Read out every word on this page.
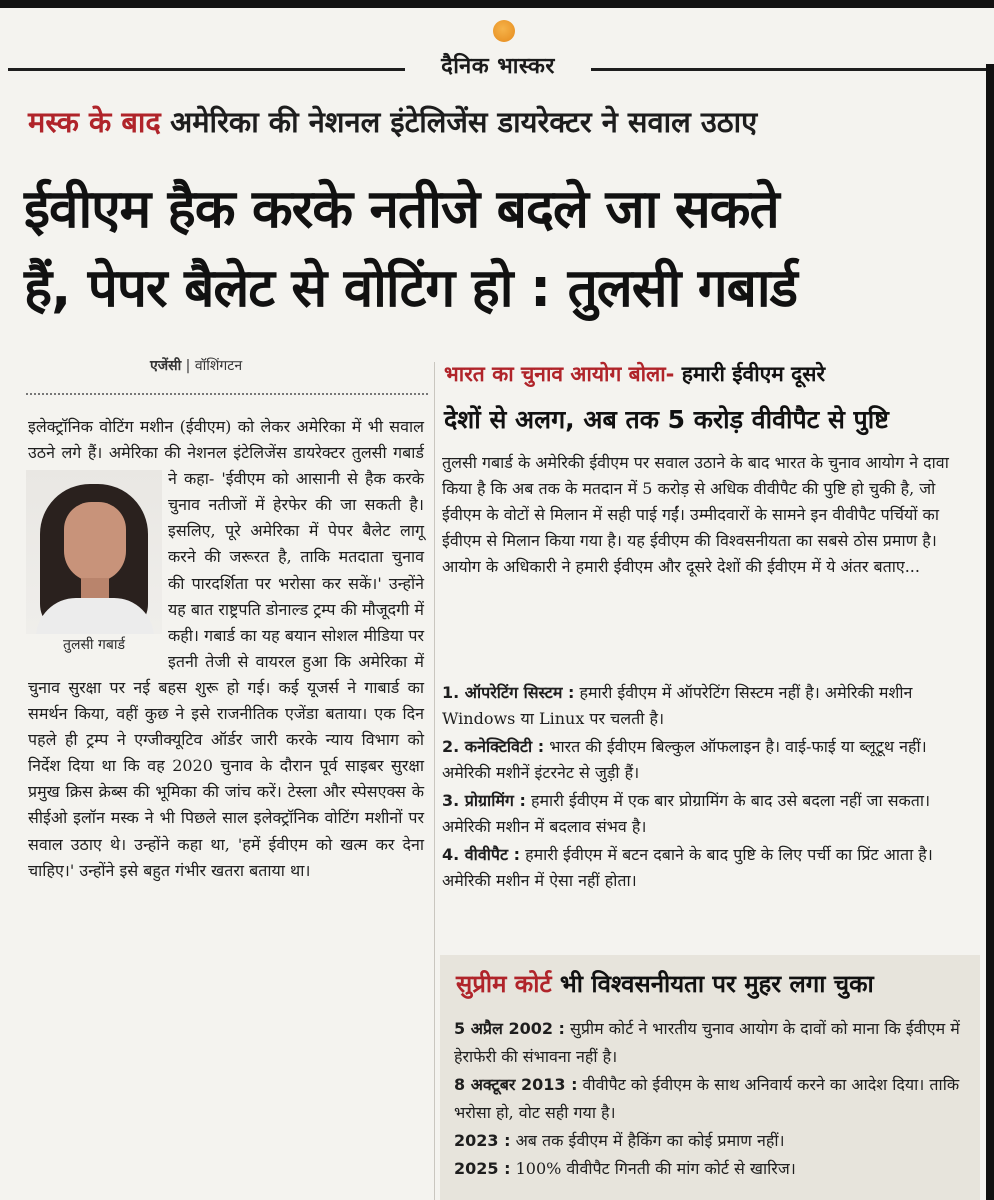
दैनिक भास्कर
मस्क के बाद अमेरिका की नेशनल इंटेलिजेंस डायरेक्टर ने सवाल उठाए
ईवीएम हैक करके नतीजे बदले जा सकते
हैं, पेपर बैलेट से वोटिंग हो : तुलसी गबार्ड
एजेंसी | वॉशिंगटन
इलेक्ट्रॉनिक वोटिंग मशीन (ईवीएम) को लेकर अमेरिका में भी सवाल उठने लगे हैं। अमेरिका की नेशनल इंटेलिजेंस डायरेक्टर तुलसी गबार्ड
तुलसी गबार्ड
ने कहा- 'ईवीएम को आसानी से हैक करके चुनाव नतीजों में हेरफेर की जा सकती है। इसलिए, पूरे अमेरिका में पेपर बैलेट लागू करने की जरूरत है, ताकि मतदाता चुनाव की पारदर्शिता पर भरोसा कर सकें।' उन्होंने यह बात राष्ट्रपति डोनाल्ड ट्रम्प की मौजूदगी में कही। गबार्ड का यह बयान सोशल मीडिया पर इतनी तेजी से वायरल हुआ कि अमेरिका में चुनाव सुरक्षा पर नई बहस शुरू हो गई। कई यूजर्स ने गाबार्ड का समर्थन किया, वहीं कुछ ने इसे राजनीतिक एजेंडा बताया। एक दिन पहले ही ट्रम्प ने एग्जीक्यूटिव ऑर्डर जारी करके न्याय विभाग को निर्देश दिया था कि वह 2020 चुनाव के दौरान पूर्व साइबर सुरक्षा प्रमुख क्रिस क्रेब्स की भूमिका की जांच करें। टेस्ला और स्पेसएक्स के सीईओ इलॉन मस्क ने भी पिछले साल इलेक्ट्रॉनिक वोटिंग मशीनों पर सवाल उठाए थे। उन्होंने कहा था, 'हमें ईवीएम को खत्म कर देना चाहिए।' उन्होंने इसे बहुत गंभीर खतरा बताया था।
भारत का चुनाव आयोग बोला- हमारी ईवीएम दूसरे
देशों से अलग, अब तक 5 करोड़ वीवीपैट से पुष्टि
तुलसी गबार्ड के अमेरिकी ईवीएम पर सवाल उठाने के बाद भारत के चुनाव आयोग ने दावा किया है कि अब तक के मतदान में 5 करोड़ से अधिक वीवीपैट की पुष्टि हो चुकी है, जो ईवीएम के वोटों से मिलान में सही पाई गईं। उम्मीदवारों के सामने इन वीवीपैट पर्चियों का ईवीएम से मिलान किया गया है। यह ईवीएम की विश्वसनीयता का सबसे ठोस प्रमाण है। आयोग के अधिकारी ने हमारी ईवीएम और दूसरे देशों की ईवीएम में ये अंतर बताए...

1. ऑपरेटिंग सिस्टम : हमारी ईवीएम में ऑपरेटिंग सिस्टम नहीं है। अमेरिकी मशीन Windows या Linux पर चलती है।

2. कनेक्टिविटी : भारत की ईवीएम बिल्कुल ऑफलाइन है। वाई-फाई या ब्लूटूथ नहीं। अमेरिकी मशीनें इंटरनेट से जुड़ी हैं।

3. प्रोग्रामिंग : हमारी ईवीएम में एक बार प्रोग्रामिंग के बाद उसे बदला नहीं जा सकता। अमेरिकी मशीन में बदलाव संभव है।

4. वीवीपैट : हमारी ईवीएम में बटन दबाने के बाद पुष्टि के लिए पर्ची का प्रिंट आता है। अमेरिकी मशीन में ऐसा नहीं होता।

सुप्रीम कोर्ट भी विश्वसनीयता पर मुहर लगा चुका

5 अप्रैल 2002 : सुप्रीम कोर्ट ने भारतीय चुनाव आयोग के दावों को माना कि ईवीएम में हेराफेरी की संभावना नहीं है।

8 अक्टूबर 2013 : वीवीपैट को ईवीएम के साथ अनिवार्य करने का आदेश दिया। ताकि भरोसा हो, वोट सही गया है।

2023 : अब तक ईवीएम में हैकिंग का कोई प्रमाण नहीं।

2025 : 100% वीवीपैट गिनती की मांग कोर्ट से खारिज।
